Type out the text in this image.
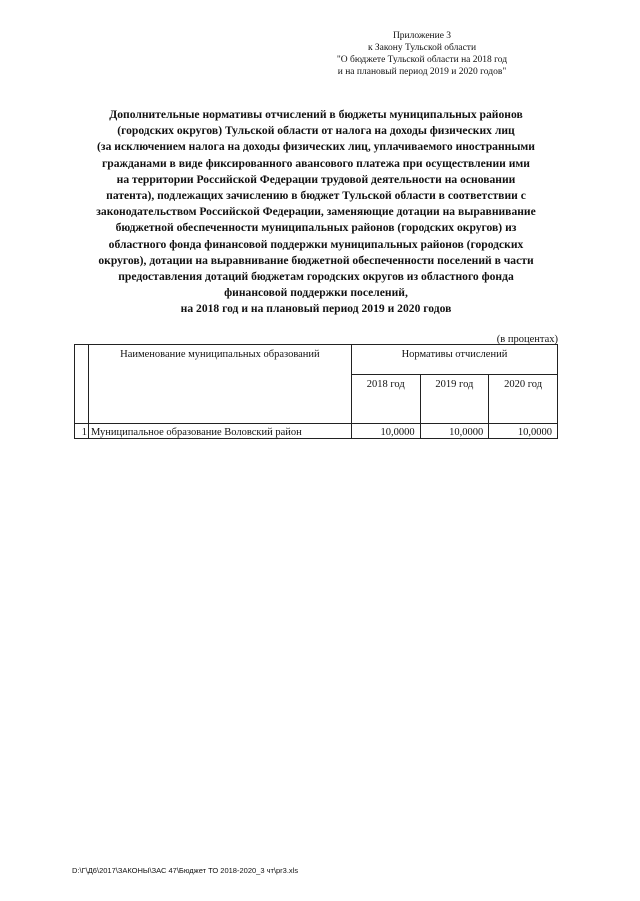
Приложение 3
к Закону Тульской области
"О бюджете Тульской области на 2018 год
и на плановый период 2019 и 2020 годов"
Дополнительные нормативы отчислений в бюджеты муниципальных районов
(городских округов) Тульской области от налога на доходы физических лиц
(за исключением налога на доходы физических лиц, уплачиваемого иностранными
гражданами в виде фиксированного авансового платежа при осуществлении ими
на территории Российской Федерации трудовой деятельности на основании
патента), подлежащих зачислению в бюджет Тульской области в соответствии с
законодательством Российской Федерации, заменяющие дотации на выравнивание
бюджетной обеспеченности муниципальных районов (городских округов) из
областного фонда финансовой поддержки муниципальных районов (городских
округов), дотации на выравнивание бюджетной обеспеченности поселений в части
предоставления дотаций бюджетам городских округов из областного фонда
финансовой поддержки поселений,
на 2018 год и на плановый период 2019 и 2020 годов
(в процентах)
	Наименование муниципальных образований	Нормативы отчислений		
		2018 год	2019 год	2020 год
1	Муниципальное образование Воловский район	10,0000	10,0000	10,0000
D:\Г\Д6\2017\ЗАКОНЫ\ЗАС 47\Бюджет ТО 2018-2020_3 чт\pr3.xls
